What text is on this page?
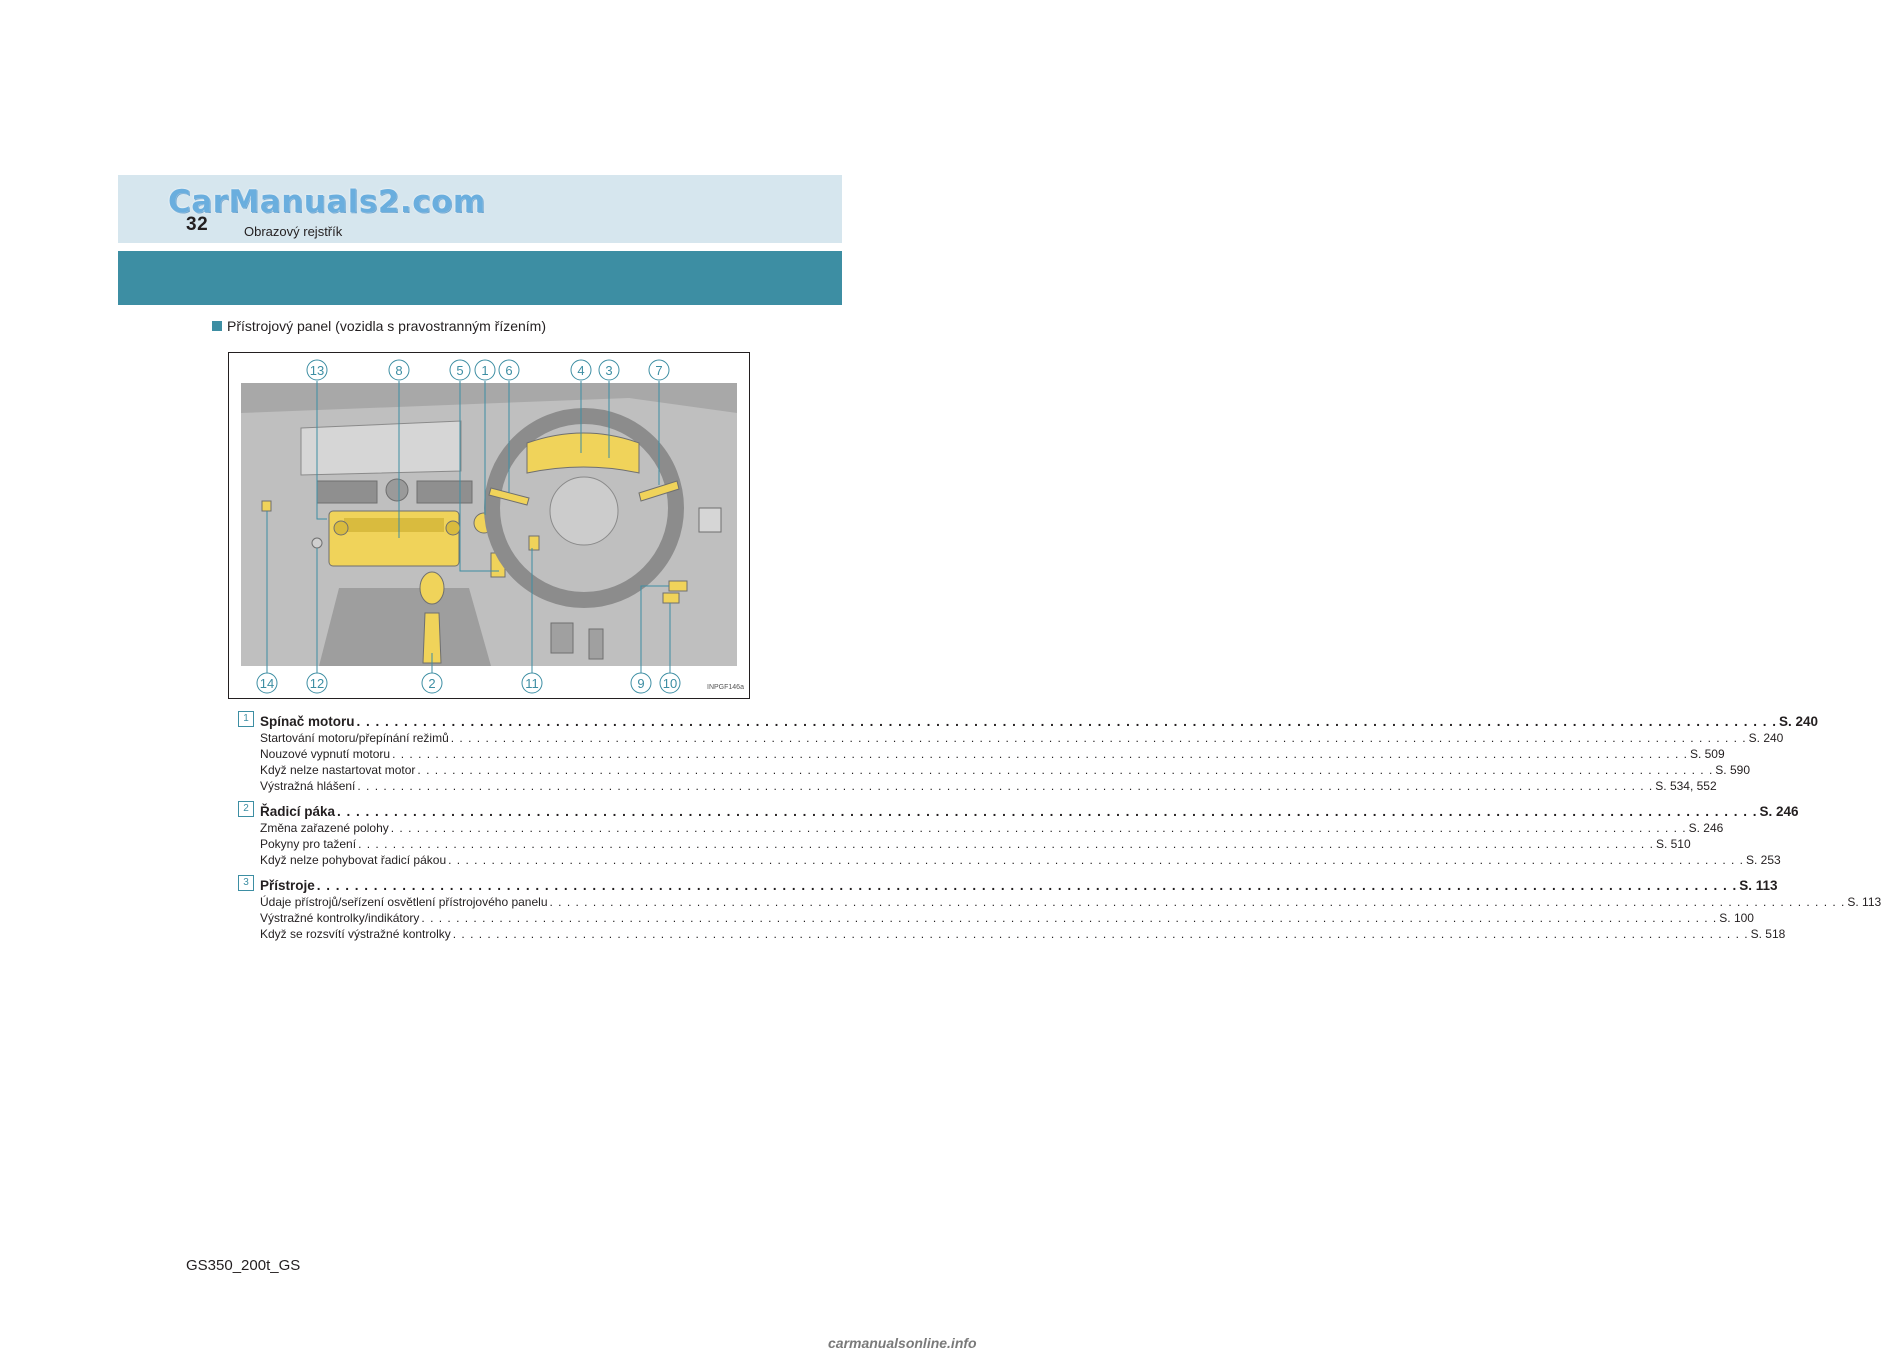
CarManuals2.com
32	Obrazový rejstřík
Přístrojový panel (vozidla s pravostranným řízením)
13	8	5 1 6	4 3	7
14	12	2	11	9 10	INPGF146a
1 Spínač motoru . . .	S. 240
Startování motoru/přepínání režimů . . .	S. 240
Nouzové vypnutí motoru . . .	S. 509
Když nelze nastartovat motor . . .	S. 590
Výstražná hlášení . . .	S. 534, 552
2 Řadicí páka . . .	S. 246
Změna zařazené polohy . . .	S. 246
Pokyny pro tažení . . .	S. 510
Když nelze pohybovat řadicí pákou . . .	S. 253
3 Přístroje . . .	S. 113
Údaje přístrojů/seřízení osvětlení přístrojového panelu . . .	S. 113
Výstražné kontrolky/indikátory . . .	S. 100
Když se rozsvítí výstražné kontrolky . . .	S. 518
GS350_200t_GS
carmanualsonline.info
